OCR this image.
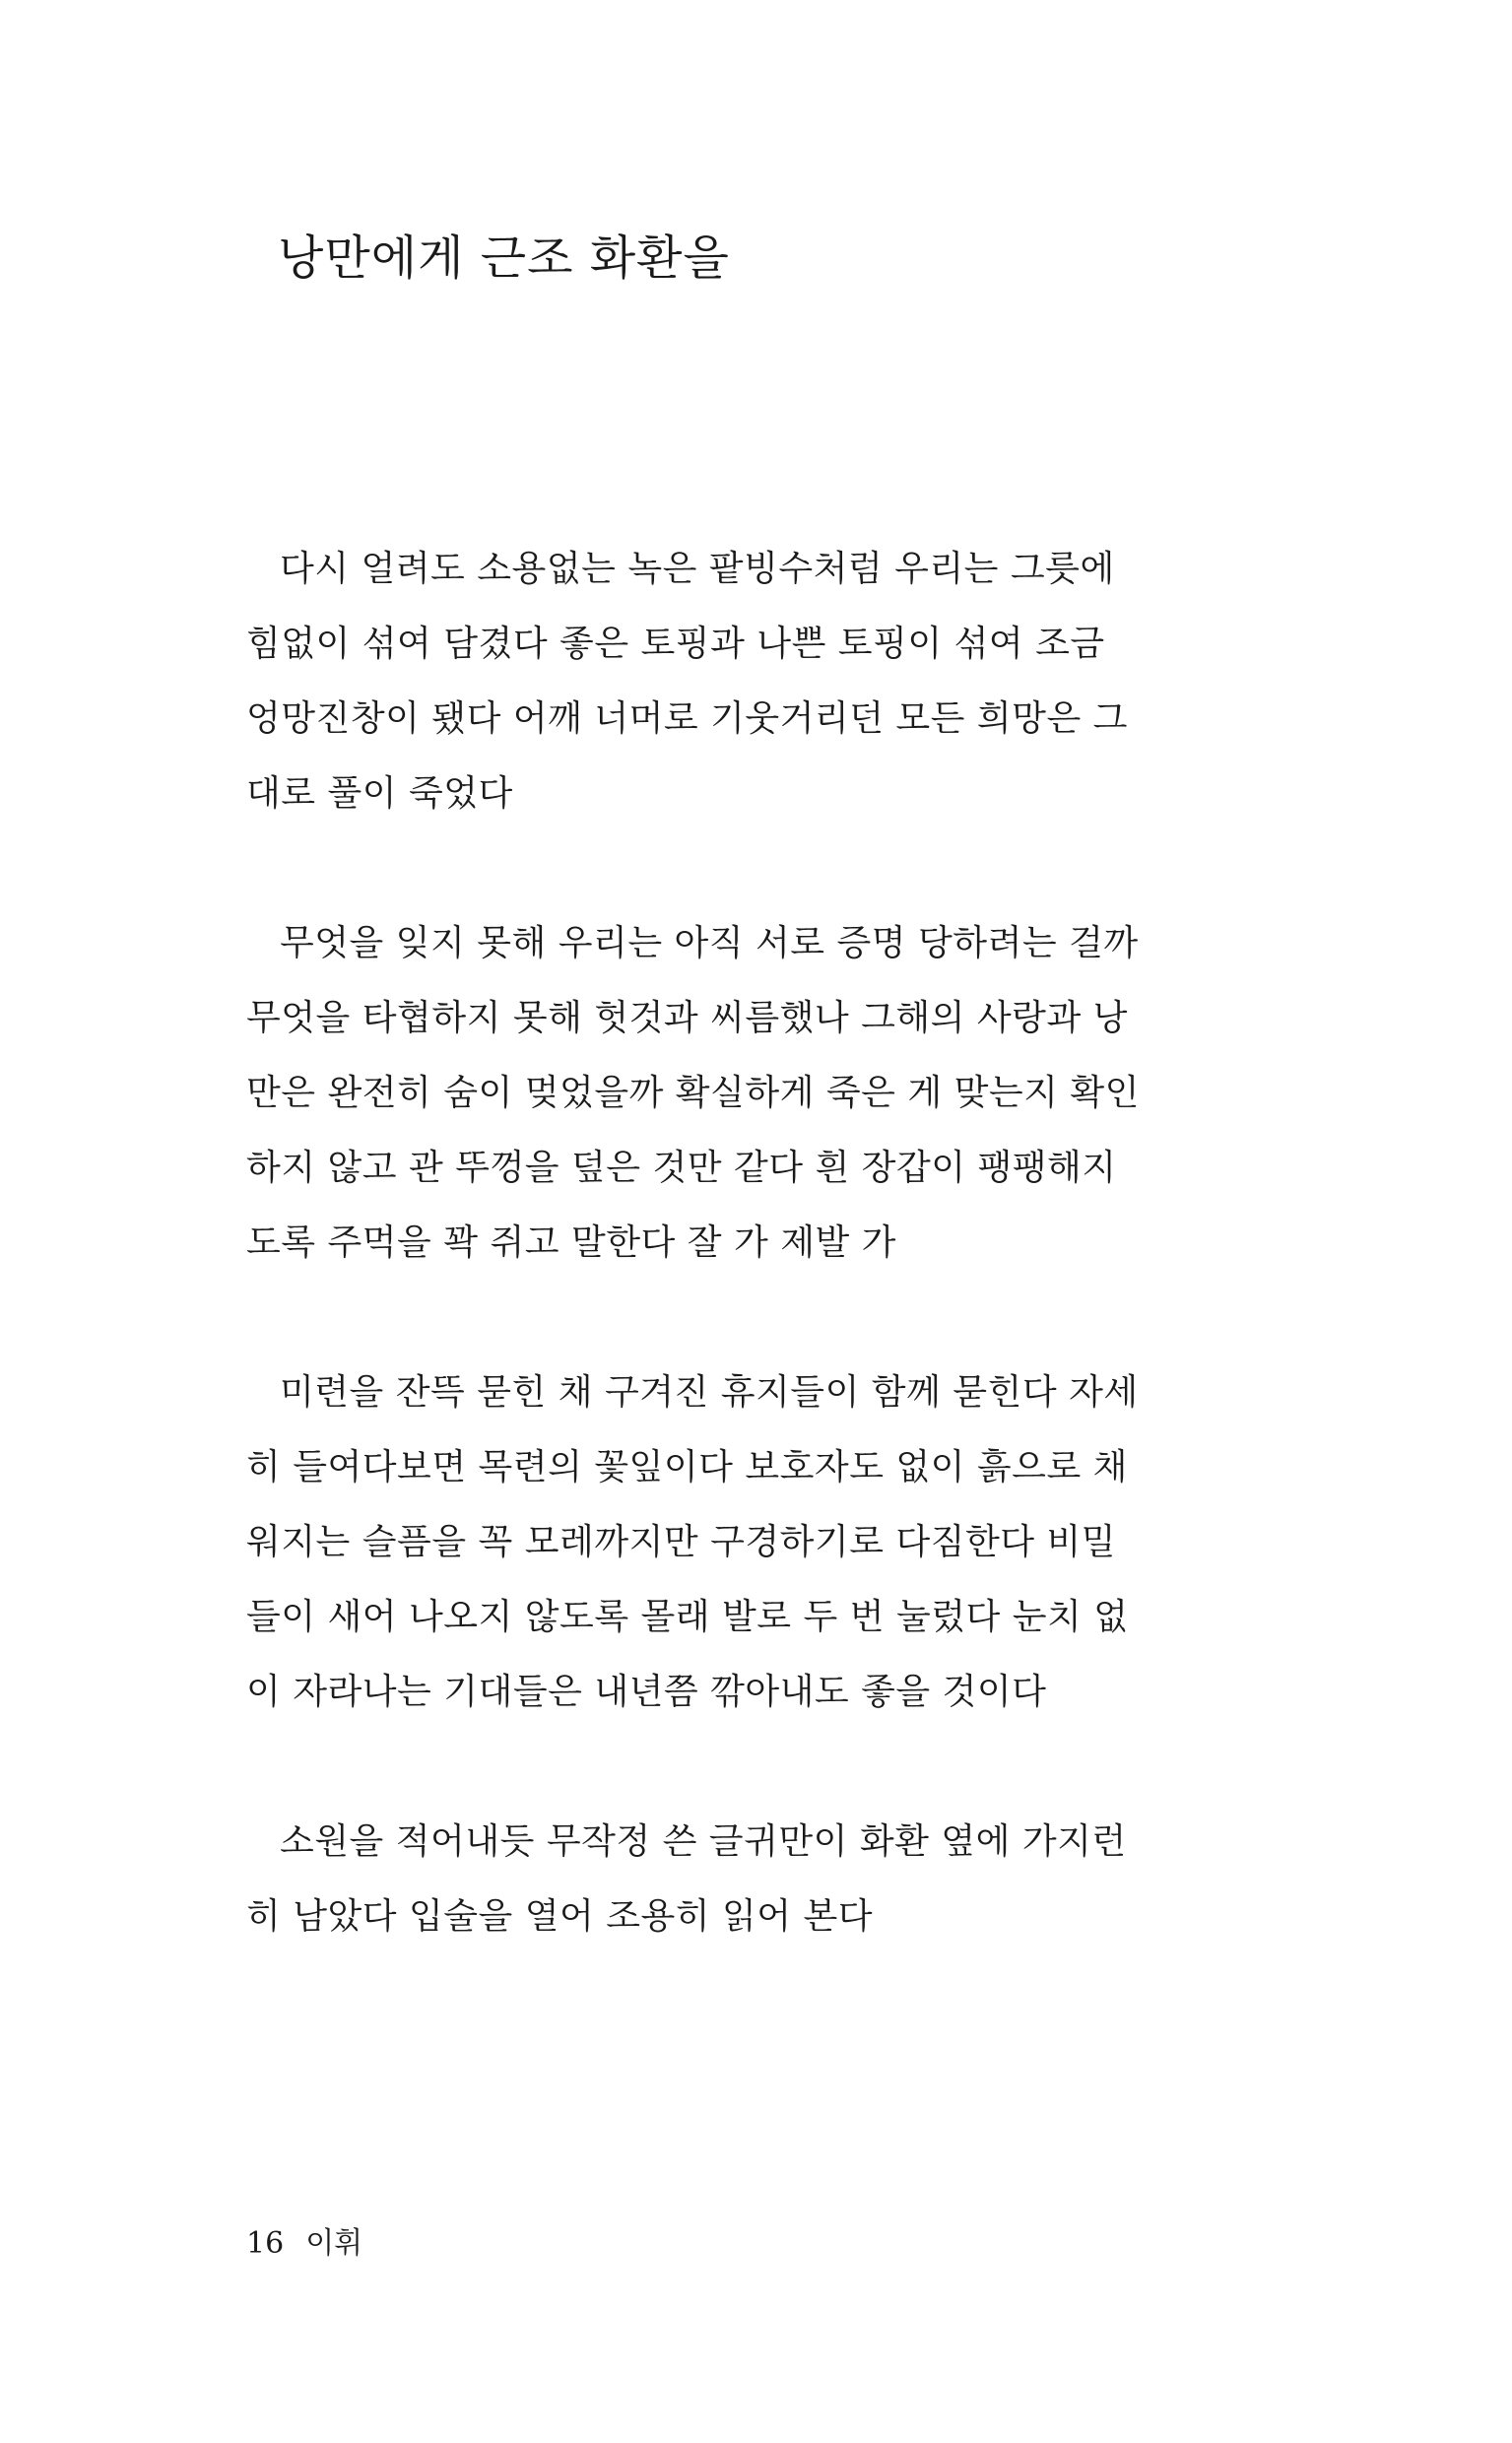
낭만에게 근조 화환을

다시 얼려도 소용없는 녹은 팥빙수처럼 우리는 그릇에
힘없이 섞여 담겼다 좋은 토핑과 나쁜 토핑이 섞여 조금
엉망진창이 됐다 어깨 너머로 기웃거리던 모든 희망은 그
대로 풀이 죽었다

무엇을 잊지 못해 우리는 아직 서로 증명 당하려는 걸까
무엇을 타협하지 못해 헛것과 씨름했나 그해의 사랑과 낭
만은 완전히 숨이 멎었을까 확실하게 죽은 게 맞는지 확인
하지 않고 관 뚜껑을 덮은 것만 같다 흰 장갑이 팽팽해지
도록 주먹을 꽉 쥐고 말한다 잘 가 제발 가

미련을 잔뜩 묻힌 채 구겨진 휴지들이 함께 묻힌다 자세
히 들여다보면 목련의 꽃잎이다 보호자도 없이 흙으로 채
워지는 슬픔을 꼭 모레까지만 구경하기로 다짐한다 비밀
들이 새어 나오지 않도록 몰래 발로 두 번 눌렀다 눈치 없
이 자라나는 기대들은 내년쯤 깎아내도 좋을 것이다

소원을 적어내듯 무작정 쓴 글귀만이 화환 옆에 가지런
히 남았다 입술을 열어 조용히 읽어 본다

16 이휘
